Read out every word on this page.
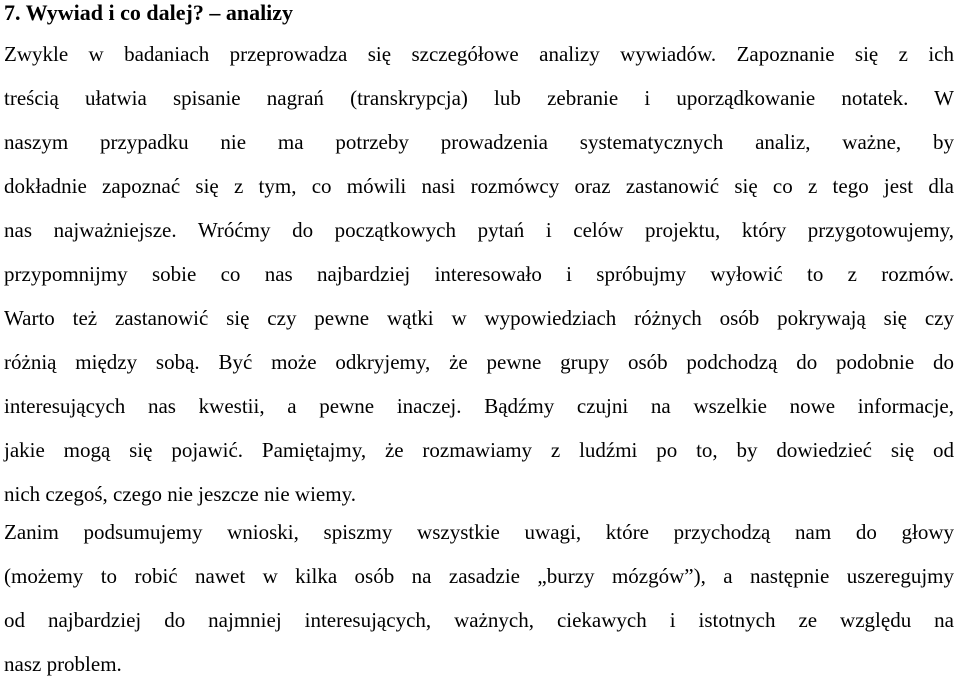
7. Wywiad i co dalej? – analizy
Zwykle w badaniach przeprowadza się szczegółowe analizy wywiadów. Zapoznanie się z ich
treścią ułatwia spisanie nagrań (transkrypcja) lub zebranie i uporządkowanie notatek. W
naszym przypadku nie ma potrzeby prowadzenia systematycznych analiz, ważne, by
dokładnie zapoznać się z tym, co mówili nasi rozmówcy oraz zastanowić się co z tego jest dla
nas najważniejsze. Wróćmy do początkowych pytań i celów projektu, który przygotowujemy,
przypomnijmy sobie co nas najbardziej interesowało i spróbujmy wyłowić to z rozmów.
Warto też zastanowić się czy pewne wątki w wypowiedziach różnych osób pokrywają się czy
różnią między sobą. Być może odkryjemy, że pewne grupy osób podchodzą do podobnie do
interesujących nas kwestii, a pewne inaczej. Bądźmy czujni na wszelkie nowe informacje,
jakie mogą się pojawić. Pamiętajmy, że rozmawiamy z ludźmi po to, by dowiedzieć się od
nich czegoś, czego nie jeszcze nie wiemy.
Zanim podsumujemy wnioski, spiszmy wszystkie uwagi, które przychodzą nam do głowy
(możemy to robić nawet w kilka osób na zasadzie „burzy mózgów”), a następnie uszeregujmy
od najbardziej do najmniej interesujących, ważnych, ciekawych i istotnych ze względu na
nasz problem.
